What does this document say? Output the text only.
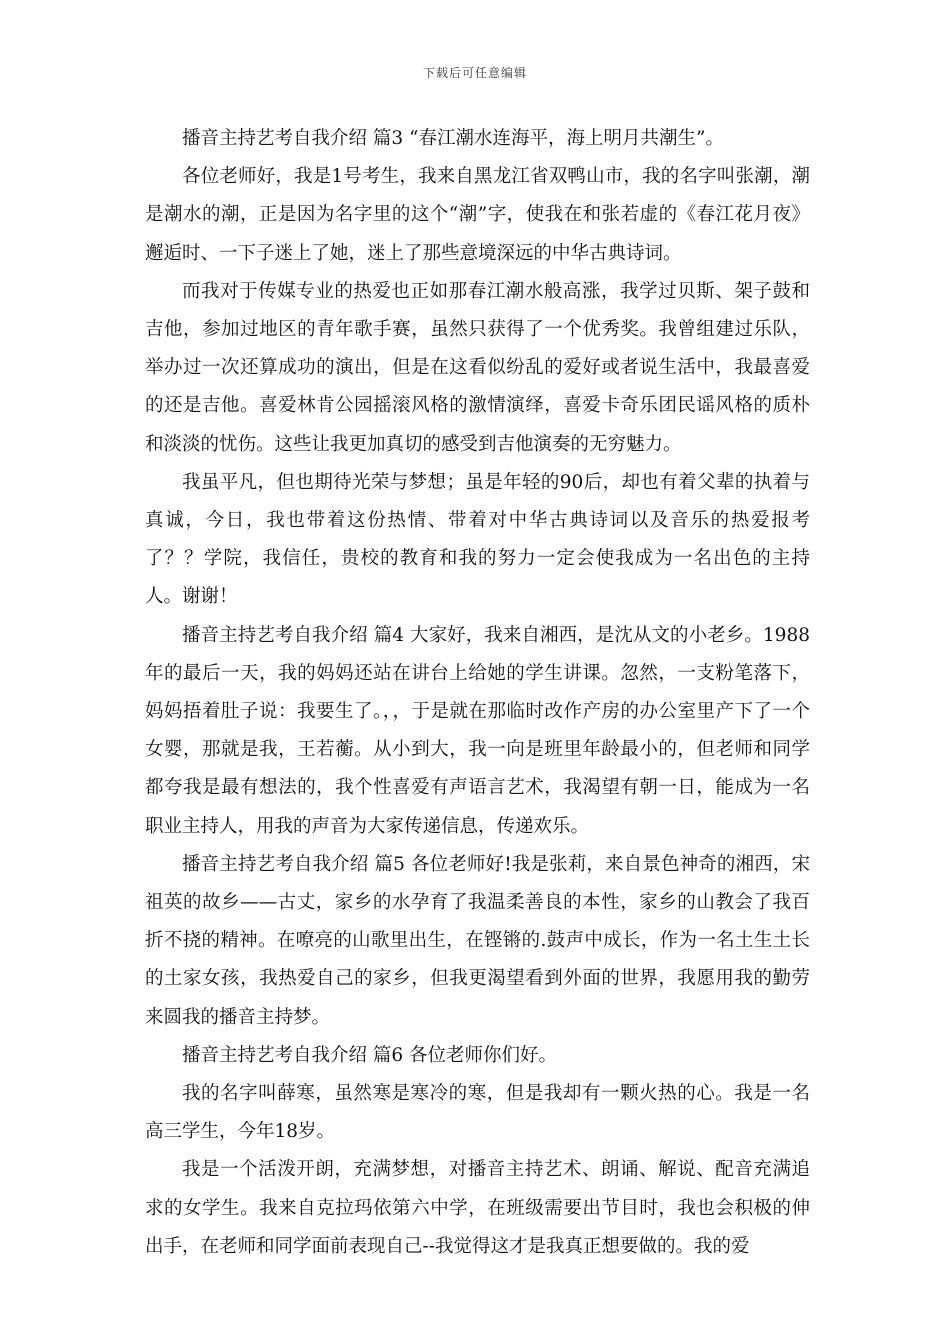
下载后可任意编辑

播音主持艺考自我介绍 篇3 “春江潮水连海平，海上明月共潮生”。

各位老师好，我是1号考生，我来自黑龙江省双鸭山市，我的名字叫张潮，潮是潮水的潮，正是因为名字里的这个“潮”字，使我在和张若虚的《春江花月夜》邂逅时、一下子迷上了她，迷上了那些意境深远的中华古典诗词。

而我对于传媒专业的热爱也正如那春江潮水般高涨，我学过贝斯、架子鼓和吉他，参加过地区的青年歌手赛，虽然只获得了一个优秀奖。我曾组建过乐队，举办过一次还算成功的演出，但是在这看似纷乱的爱好或者说生活中，我最喜爱的还是吉他。喜爱林肯公园摇滚风格的激情演绎，喜爱卡奇乐团民谣风格的质朴和淡淡的忧伤。这些让我更加真切的感受到吉他演奏的无穷魅力。

我虽平凡，但也期待光荣与梦想；虽是年轻的90后，却也有着父辈的执着与真诚，今日，我也带着这份热情、带着对中华古典诗词以及音乐的热爱报考了？？学院，我信任，贵校的教育和我的努力一定会使我成为一名出色的主持人。谢谢！

播音主持艺考自我介绍 篇4 大家好，我来自湘西，是沈从文的小老乡。1988年的最后一天，我的妈妈还站在讲台上给她的学生讲课。忽然，一支粉笔落下，妈妈捂着肚子说：我要生了。，，于是就在那临时改作产房的办公室里产下了一个女婴，那就是我，王若蘅。从小到大，我一向是班里年龄最小的，但老师和同学都夸我是最有想法的，我个性喜爱有声语言艺术，我渴望有朝一日，能成为一名职业主持人，用我的声音为大家传递信息，传递欢乐。

播音主持艺考自我介绍 篇5 各位老师好!我是张莉，来自景色神奇的湘西，宋祖英的故乡——古丈，家乡的水孕育了我温柔善良的本性，家乡的山教会了我百折不挠的精神。在嘹亮的山歌里出生，在铿锵的.鼓声中成长，作为一名土生土长的土家女孩，我热爱自己的家乡，但我更渴望看到外面的世界，我愿用我的勤劳来圆我的播音主持梦。

播音主持艺考自我介绍 篇6 各位老师你们好。

我的名字叫薛寒，虽然寒是寒冷的寒，但是我却有一颗火热的心。我是一名高三学生，今年18岁。

我是一个活泼开朗，充满梦想，对播音主持艺术、朗诵、解说、配音充满追求的女学生。我来自克拉玛依第六中学，在班级需要出节目时，我也会积极的伸出手，在老师和同学面前表现自己--我觉得这才是我真正想要做的。我的爱
